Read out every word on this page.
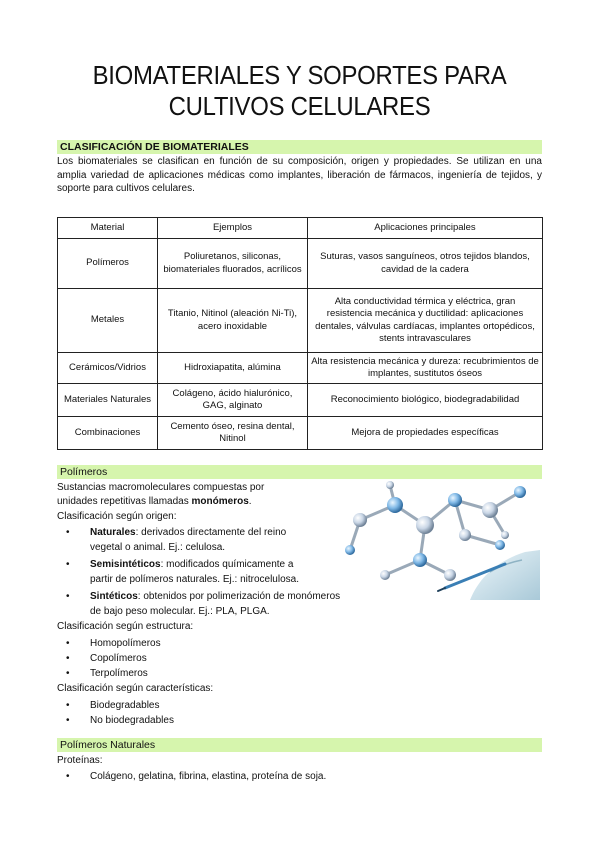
BIOMATERIALES Y SOPORTES PARA
CULTIVOS CELULARES
CLASIFICACIÓN DE BIOMATERIALES
Los biomateriales se clasifican en función de su composición, origen y propiedades. Se utilizan en una amplia variedad de aplicaciones médicas como implantes, liberación de fármacos, ingeniería de tejidos, y soporte para cultivos celulares.
Material	Ejemplos	Aplicaciones principales
Polímeros	Poliuretanos, siliconas, biomateriales fluorados, acrílicos	Suturas, vasos sanguíneos, otros tejidos blandos, cavidad de la cadera
Metales	Titanio, Nitinol (aleación Ni-Ti), acero inoxidable	Alta conductividad térmica y eléctrica, gran resistencia mecánica y ductilidad: aplicaciones dentales, válvulas cardíacas, implantes ortopédicos, stents intravasculares
Cerámicos/Vidrios	Hidroxiapatita, alúmina	Alta resistencia mecánica y dureza: recubrimientos de implantes, sustitutos óseos
Materiales Naturales	Colágeno, ácido hialurónico, GAG, alginato	Reconocimiento biológico, biodegradabilidad
Combinaciones	Cemento óseo, resina dental, Nitinol	Mejora de propiedades específicas
Polímeros
Sustancias macromoleculares compuestas por
unidades repetitivas llamadas monómeros.
Clasificación según origen:
• Naturales: derivados directamente del reino
vegetal o animal. Ej.: celulosa.
• Semisintéticos: modificados químicamente a
partir de polímeros naturales. Ej.: nitrocelulosa.
• Sintéticos: obtenidos por polimerización de monómeros
de bajo peso molecular. Ej.: PLA, PLGA.
Clasificación según estructura:
• Homopolímeros
• Copolímeros
• Terpolímeros
Clasificación según características:
• Biodegradables
• No biodegradables
Polímeros Naturales
Proteínas:
• Colágeno, gelatina, fibrina, elastina, proteína de soja.
